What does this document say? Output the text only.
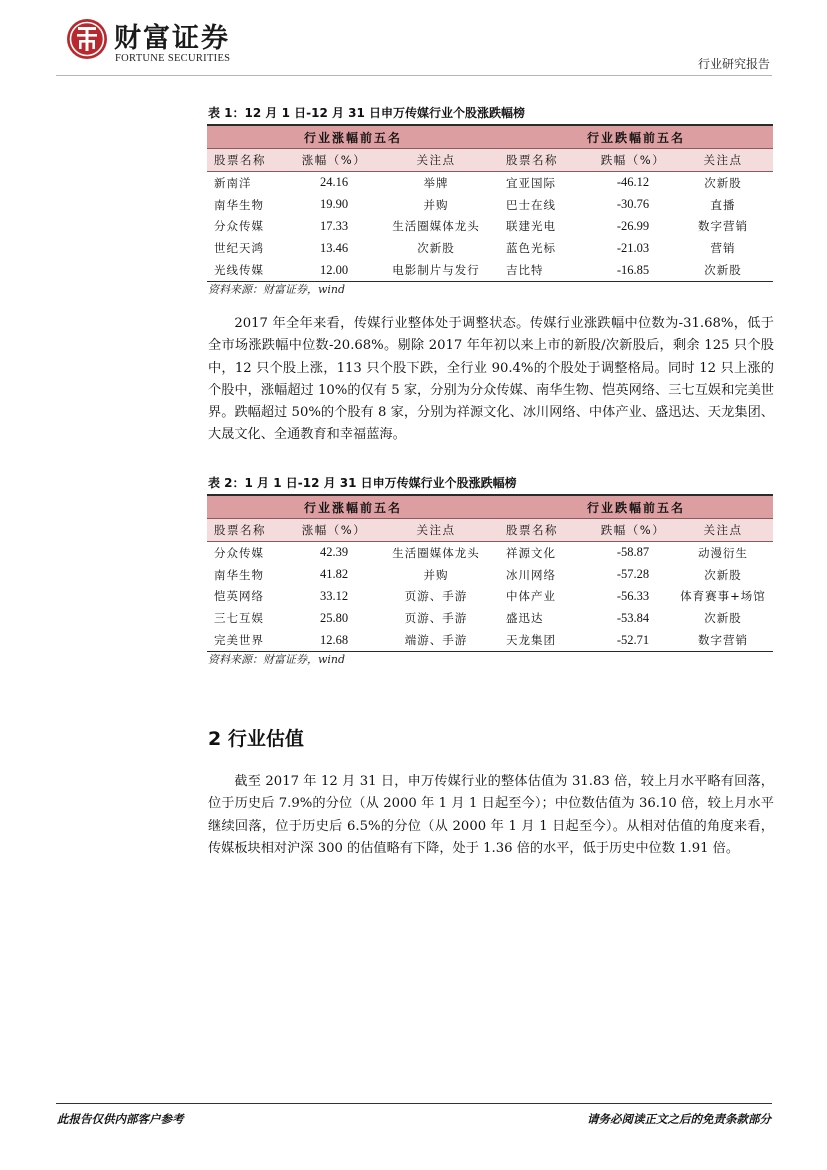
财富证券
FORTUNE SECURITIES	行业研究报告
表 1：12 月 1 日-12 月 31 日申万传媒行业个股涨跌幅榜
行业涨幅前五名			行业跌幅前五名		
股票名称	涨幅（%）	关注点	股票名称	跌幅（%）	关注点
新南洋	24.16	举牌	宜亚国际	-46.12	次新股
南华生物	19.90	并购	巴士在线	-30.76	直播
分众传媒	17.33	生活圈媒体龙头	联建光电	-26.99	数字营销
世纪天鸿	13.46	次新股	蓝色光标	-21.03	营销
光线传媒	12.00	电影制片与发行	吉比特	-16.85	次新股
资料来源：财富证券，wind

2017 年全年来看，传媒行业整体处于调整状态。传媒行业涨跌幅中位数为-31.68%，低于全市场涨跌幅中位数-20.68%。剔除 2017 年年初以来上市的新股/次新股后，剩余 125 只个股中，12 只个股上涨，113 只个股下跌，全行业 90.4%的个股处于调整格局。同时 12 只上涨的个股中，涨幅超过 10%的仅有 5 家，分别为分众传媒、南华生物、恺英网络、三七互娱和完美世界。跌幅超过 50%的个股有 8 家，分别为祥源文化、冰川网络、中体产业、盛迅达、天龙集团、大晟文化、全通教育和幸福蓝海。

表 2：1 月 1 日-12 月 31 日申万传媒行业个股涨跌幅榜
行业涨幅前五名			行业跌幅前五名		
股票名称	涨幅（%）	关注点	股票名称	跌幅（%）	关注点
分众传媒	42.39	生活圈媒体龙头	祥源文化	-58.87	动漫衍生
南华生物	41.82	并购	冰川网络	-57.28	次新股
恺英网络	33.12	页游、手游	中体产业	-56.33	体育赛事+场馆
三七互娱	25.80	页游、手游	盛迅达	-53.84	次新股
完美世界	12.68	端游、手游	天龙集团	-52.71	数字营销
资料来源：财富证券，wind
2 行业估值

截至 2017 年 12 月 31 日，申万传媒行业的整体估值为 31.83 倍，较上月水平略有回落，位于历史后 7.9%的分位（从 2000 年 1 月 1 日起至今）；中位数估值为 36.10 倍，较上月水平继续回落，位于历史后 6.5%的分位（从 2000 年 1 月 1 日起至今）。从相对估值的角度来看，传媒板块相对沪深 300 的估值略有下降，处于 1.36 倍的水平，低于历史中位数 1.91 倍。

此报告仅供内部客户参考	请务必阅读正文之后的免责条款部分
